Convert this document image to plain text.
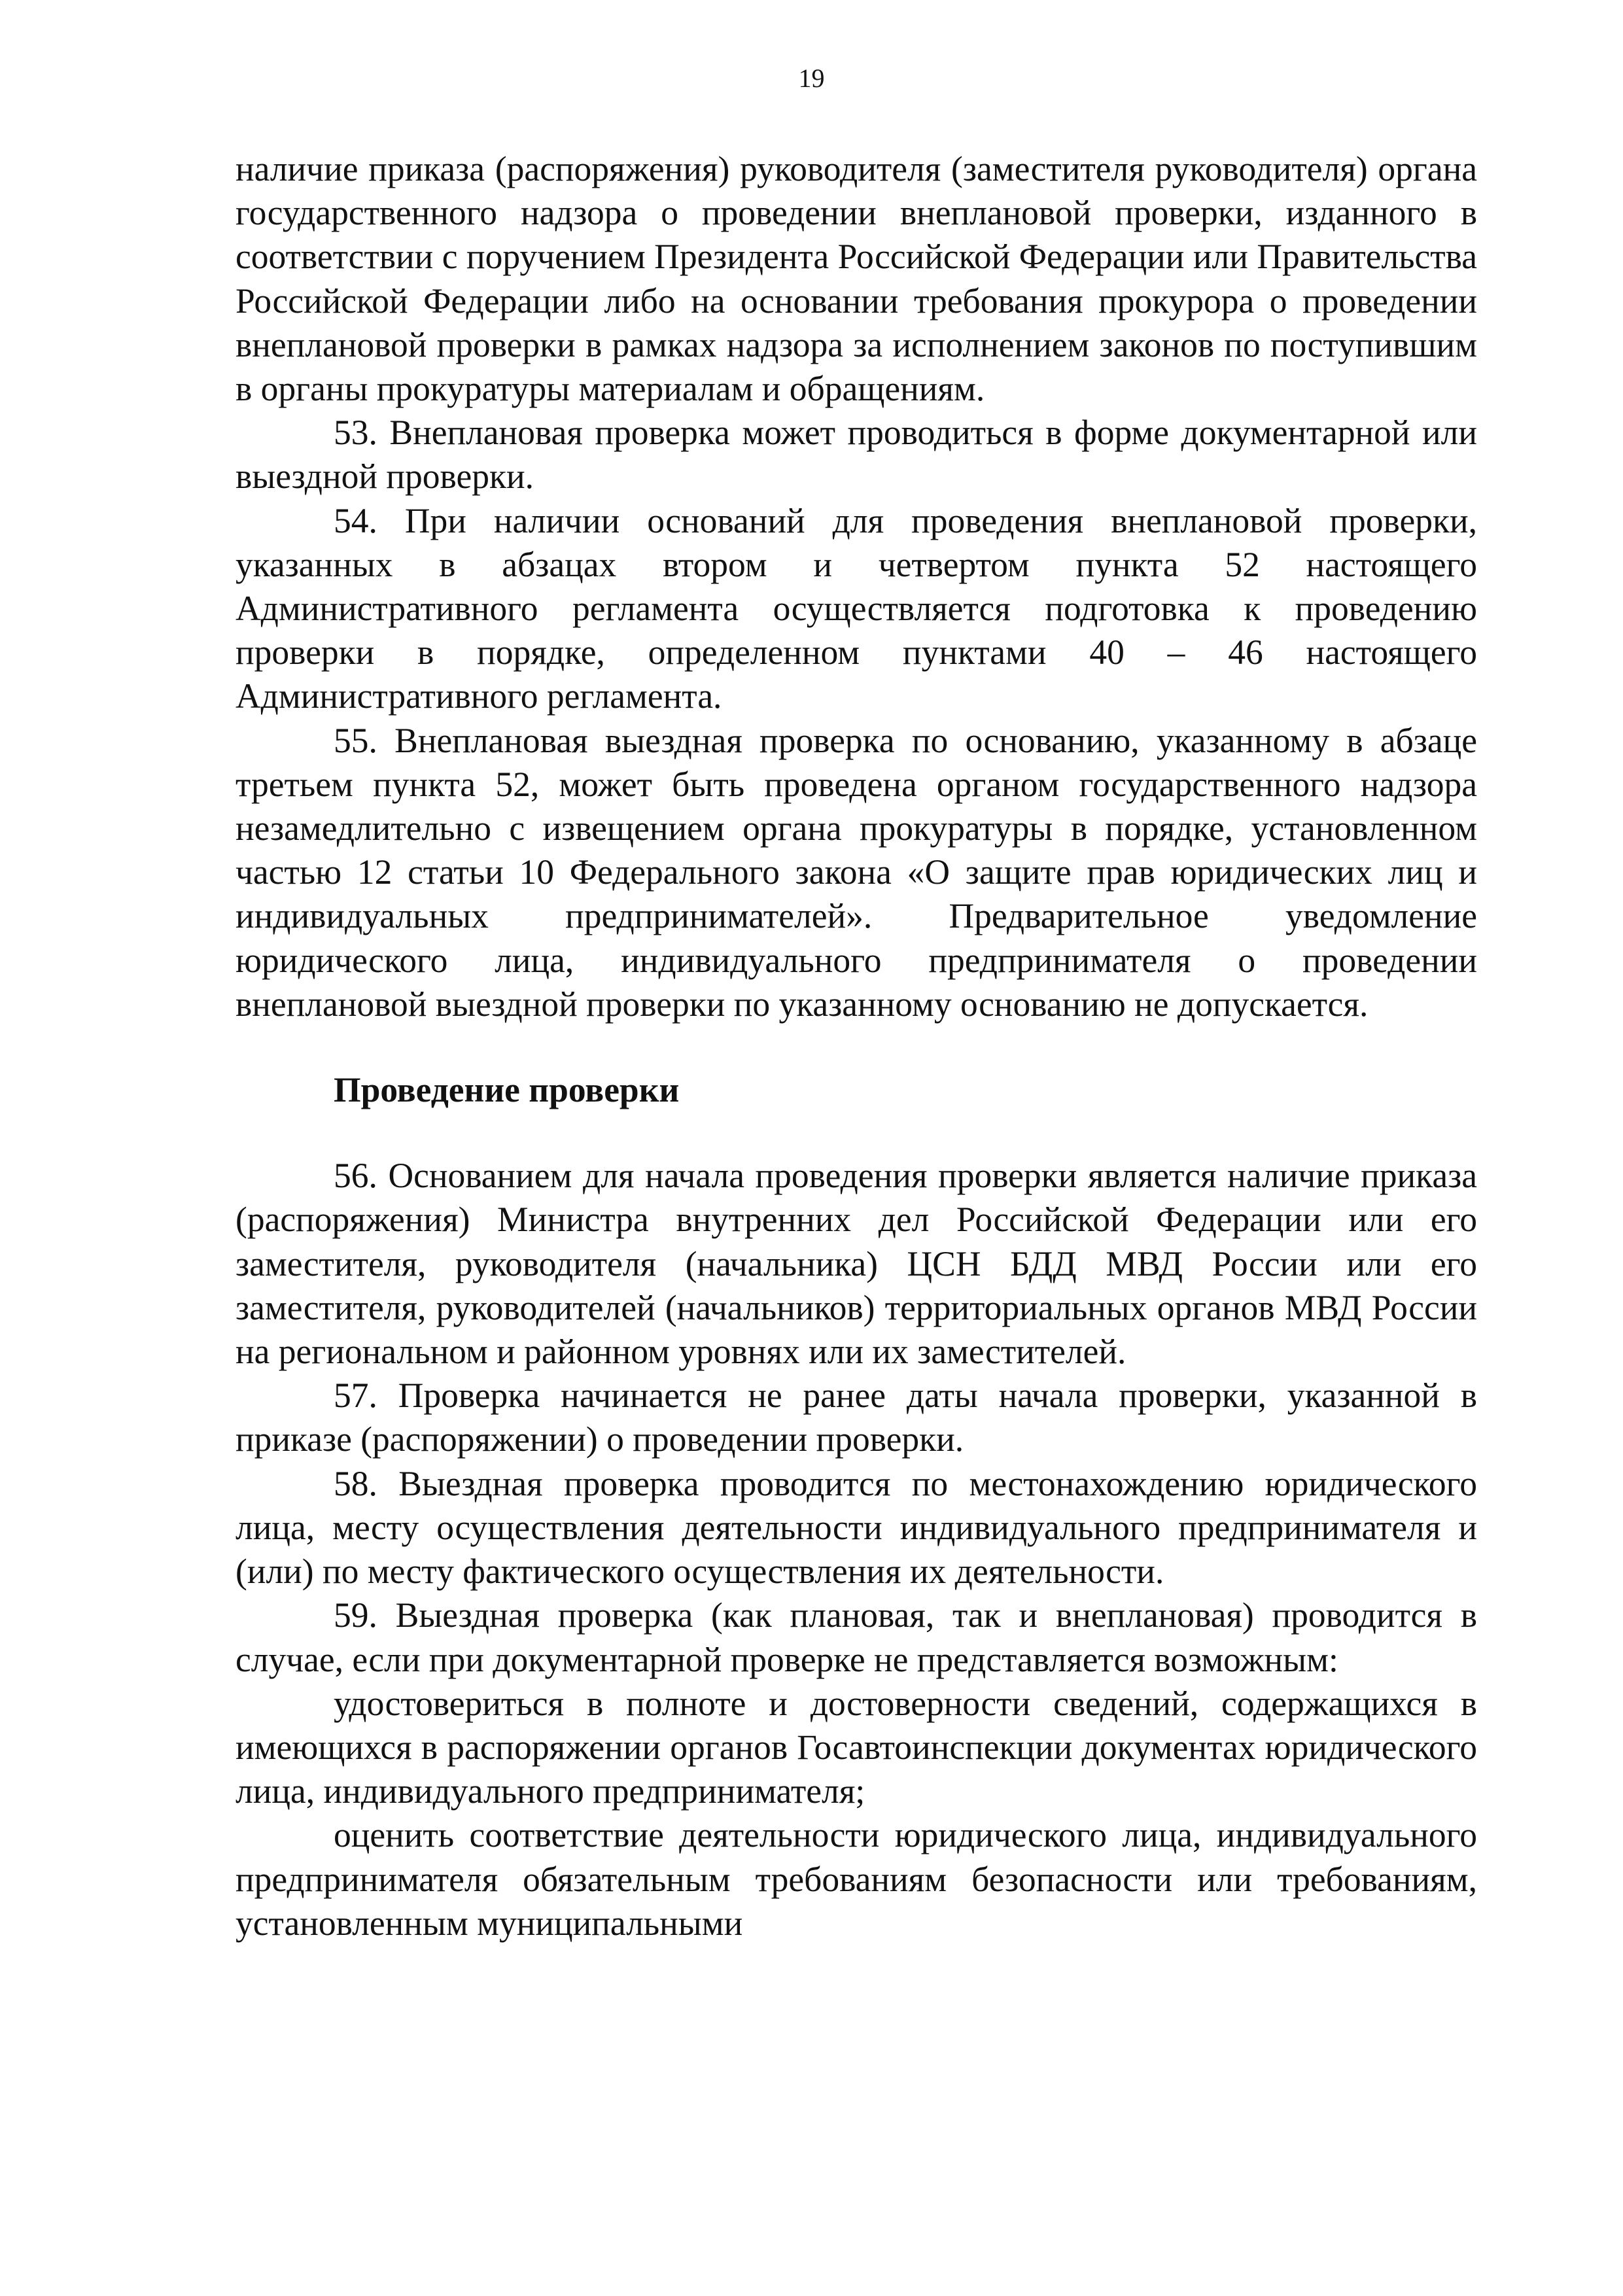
19

наличие приказа (распоряжения) руководителя (заместителя руководителя) органа государственного надзора о проведении внеплановой проверки, изданного в соответствии с поручением Президента Российской Федерации или Правительства Российской Федерации либо на основании требования прокурора о проведении внеплановой проверки в рамках надзора за исполнением законов по поступившим в органы прокуратуры материалам и обращениям.

53. Внеплановая проверка может проводиться в форме документарной или выездной проверки.

54. При наличии оснований для проведения внеплановой проверки, указанных в абзацах втором и четвертом пункта 52 настоящего Административного регламента осуществляется подготовка к проведению проверки в порядке, определенном пунктами 40 – 46 настоящего Административного регламента.

55. Внеплановая выездная проверка по основанию, указанному в абзаце третьем пункта 52, может быть проведена органом государственного надзора незамедлительно с извещением органа прокуратуры в порядке, установленном частью 12 статьи 10 Федерального закона «О защите прав юридических лиц и индивидуальных предпринимателей». Предварительное уведомление юридического лица, индивидуального предпринимателя о проведении внеплановой выездной проверки по указанному основанию не допускается.

Проведение проверки

56. Основанием для начала проведения проверки является наличие приказа (распоряжения) Министра внутренних дел Российской Федерации или его заместителя, руководителя (начальника) ЦСН БДД МВД России или его заместителя, руководителей (начальников) территориальных органов МВД России на региональном и районном уровнях или их заместителей.

57. Проверка начинается не ранее даты начала проверки, указанной в приказе (распоряжении) о проведении проверки.

58. Выездная проверка проводится по местонахождению юридического лица, месту осуществления деятельности индивидуального предпринимателя и (или) по месту фактического осуществления их деятельности.

59. Выездная проверка (как плановая, так и внеплановая) проводится в случае, если при документарной проверке не представляется возможным:

удостовериться в полноте и достоверности сведений, содержащихся в имеющихся в распоряжении органов Госавтоинспекции документах юридического лица, индивидуального предпринимателя;

оценить соответствие деятельности юридического лица, индивидуального предпринимателя обязательным требованиям безопасности или требованиям, установленным муниципальными
